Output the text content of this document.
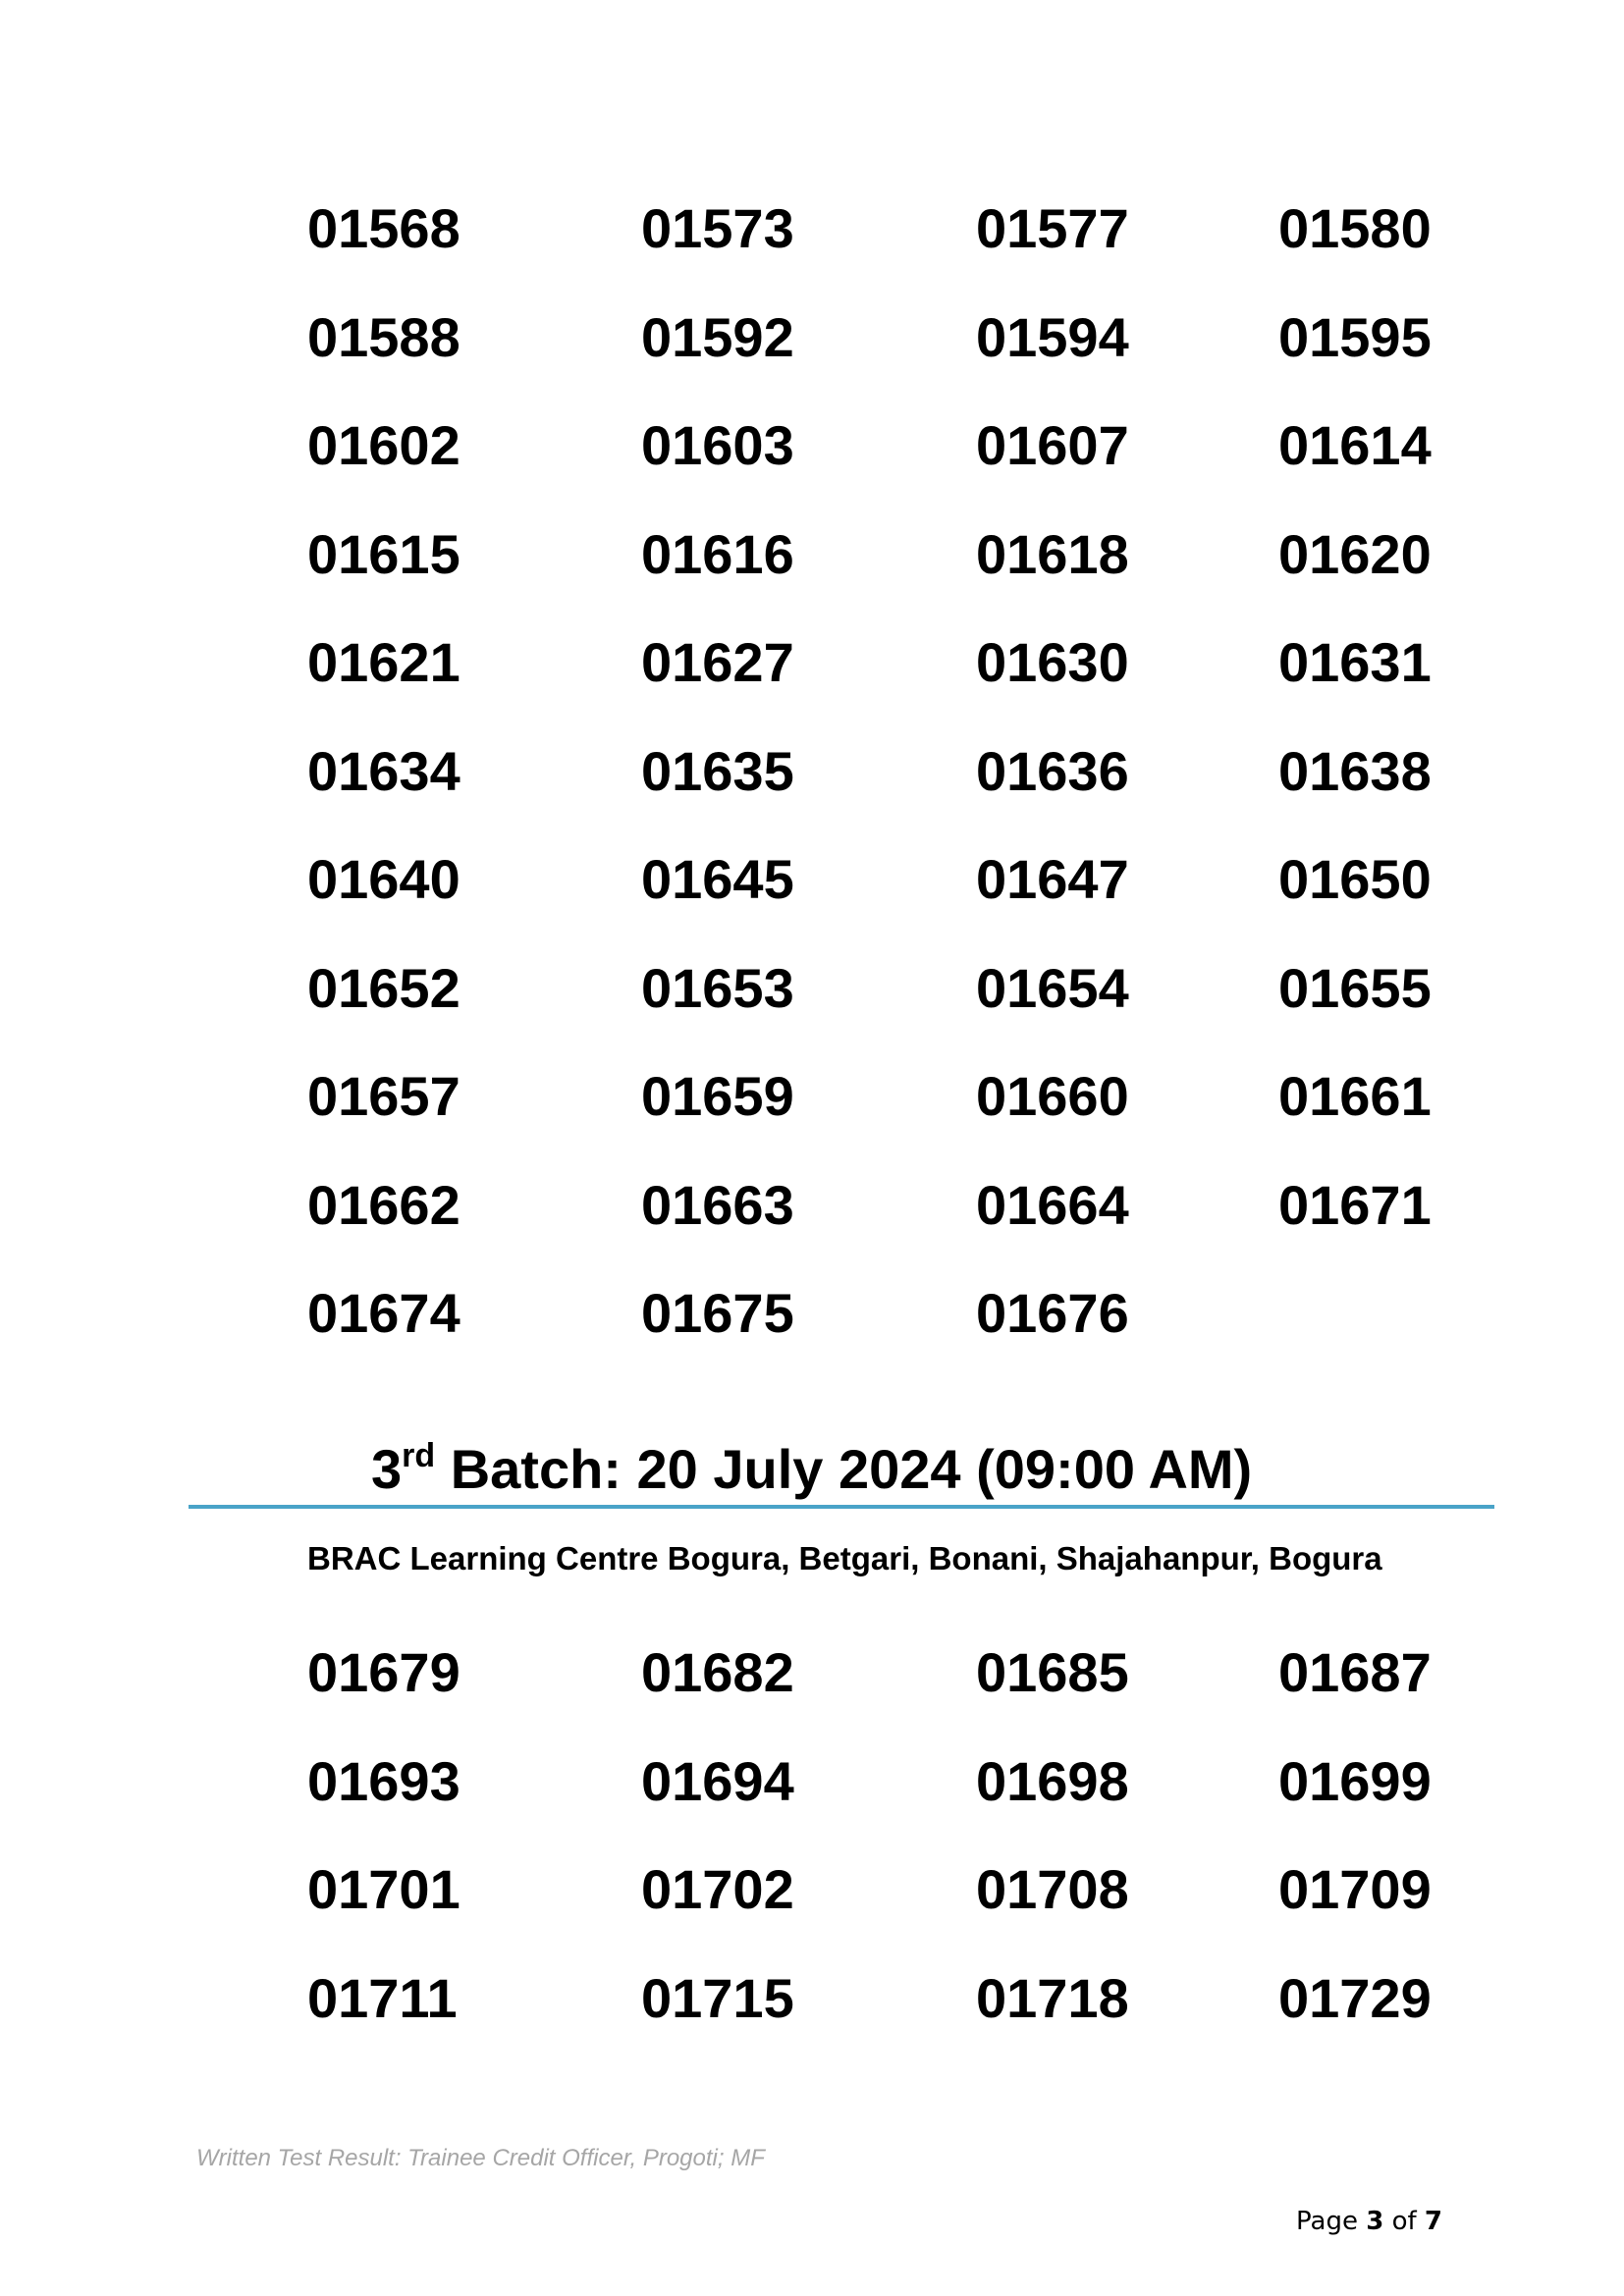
01568	01573	01577	01580
01588	01592	01594	01595
01602	01603	01607	01614
01615	01616	01618	01620
01621	01627	01630	01631
01634	01635	01636	01638
01640	01645	01647	01650
01652	01653	01654	01655
01657	01659	01660	01661
01662	01663	01664	01671
01674	01675	01676
3rd Batch: 20 July 2024 (09:00 AM)
BRAC Learning Centre Bogura, Betgari, Bonani, Shajahanpur, Bogura
01679	01682	01685	01687
01693	01694	01698	01699
01701	01702	01708	01709
01711	01715	01718	01729
Written Test Result: Trainee Credit Officer, Progoti; MF
Page 3 of 7
